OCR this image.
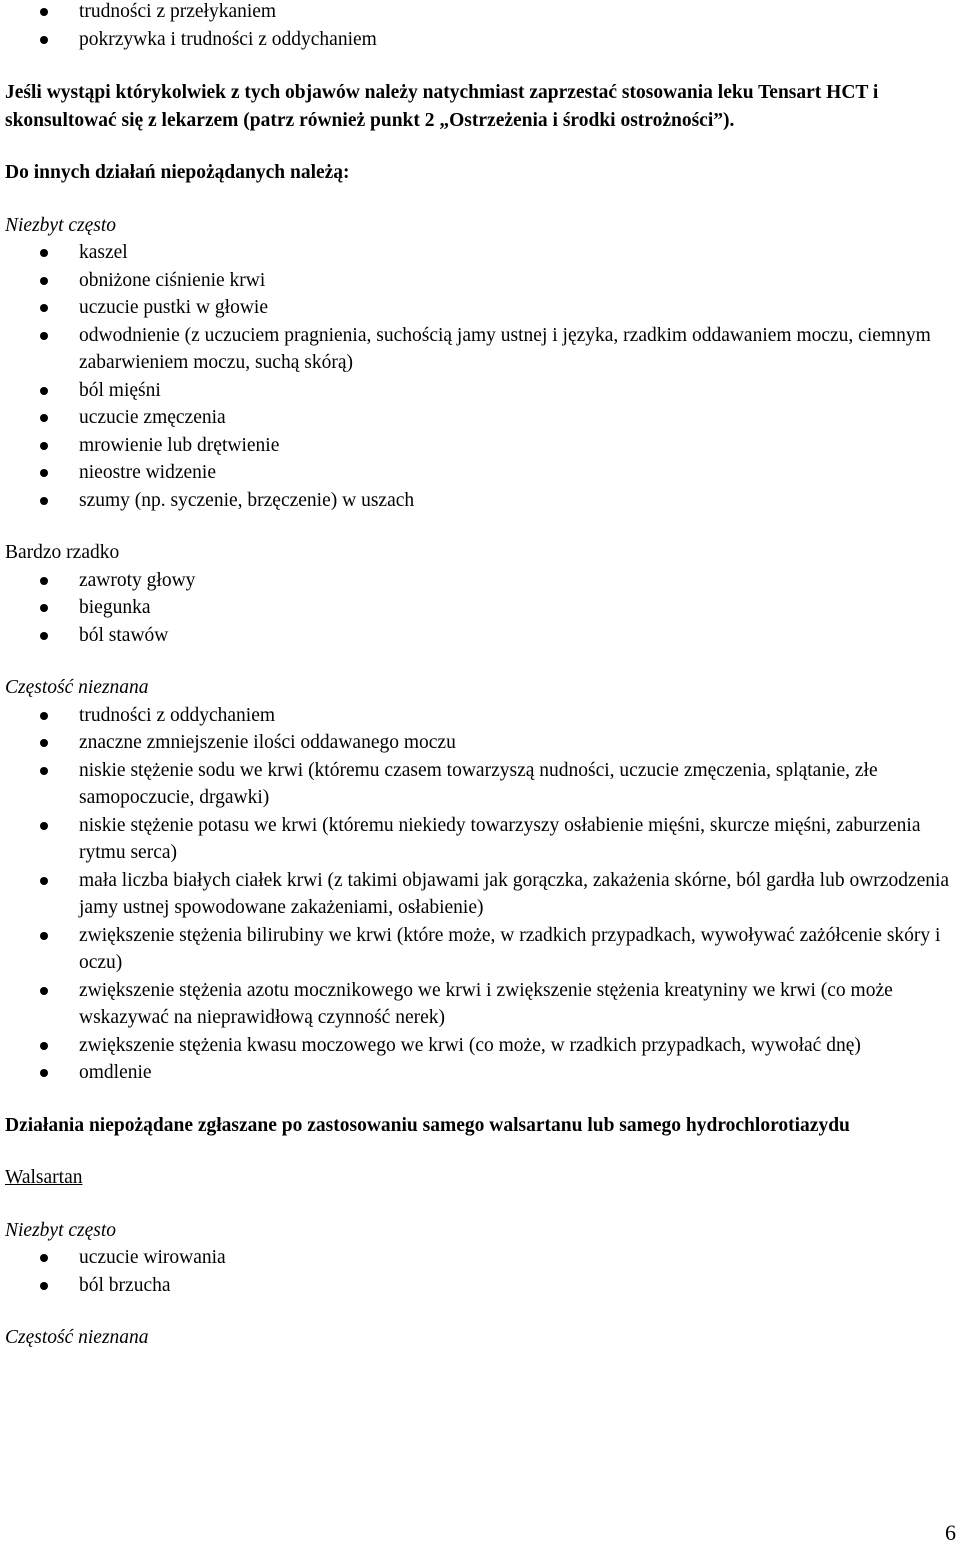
trudności z przełykaniem
pokrzywka i trudności z oddychaniem

Jeśli wystąpi którykolwiek z tych objawów należy natychmiast zaprzestać stosowania leku Tensart HCT i skonsultować się z lekarzem (patrz również punkt 2 „Ostrzeżenia i środki ostrożności”).

Do innych działań niepożądanych należą:

Niezbyt często

kaszel
obniżone ciśnienie krwi
uczucie pustki w głowie
odwodnienie (z uczuciem pragnienia, suchością jamy ustnej i języka, rzadkim oddawaniem moczu, ciemnym zabarwieniem moczu, suchą skórą)
ból mięśni
uczucie zmęczenia
mrowienie lub drętwienie
nieostre widzenie
szumy (np. syczenie, brzęczenie) w uszach

Bardzo rzadko

zawroty głowy
biegunka
ból stawów

Częstość nieznana

trudności z oddychaniem
znaczne zmniejszenie ilości oddawanego moczu
niskie stężenie sodu we krwi (któremu czasem towarzyszą nudności, uczucie zmęczenia, splątanie, złe samopoczucie, drgawki)
niskie stężenie potasu we krwi (któremu niekiedy towarzyszy osłabienie mięśni, skurcze mięśni, zaburzenia rytmu serca)
mała liczba białych ciałek krwi (z takimi objawami jak gorączka, zakażenia skórne, ból gardła lub owrzodzenia jamy ustnej spowodowane zakażeniami, osłabienie)
zwiększenie stężenia bilirubiny we krwi (które może, w rzadkich przypadkach, wywoływać zażółcenie skóry i oczu)
zwiększenie stężenia azotu mocznikowego we krwi i zwiększenie stężenia kreatyniny we krwi (co może wskazywać na nieprawidłową czynność nerek)
zwiększenie stężenia kwasu moczowego we krwi (co może, w rzadkich przypadkach, wywołać dnę)
omdlenie

Działania niepożądane zgłaszane po zastosowaniu samego walsartanu lub samego hydrochlorotiazydu

Walsartan

Niezbyt często

uczucie wirowania
ból brzucha

Częstość nieznana

6
